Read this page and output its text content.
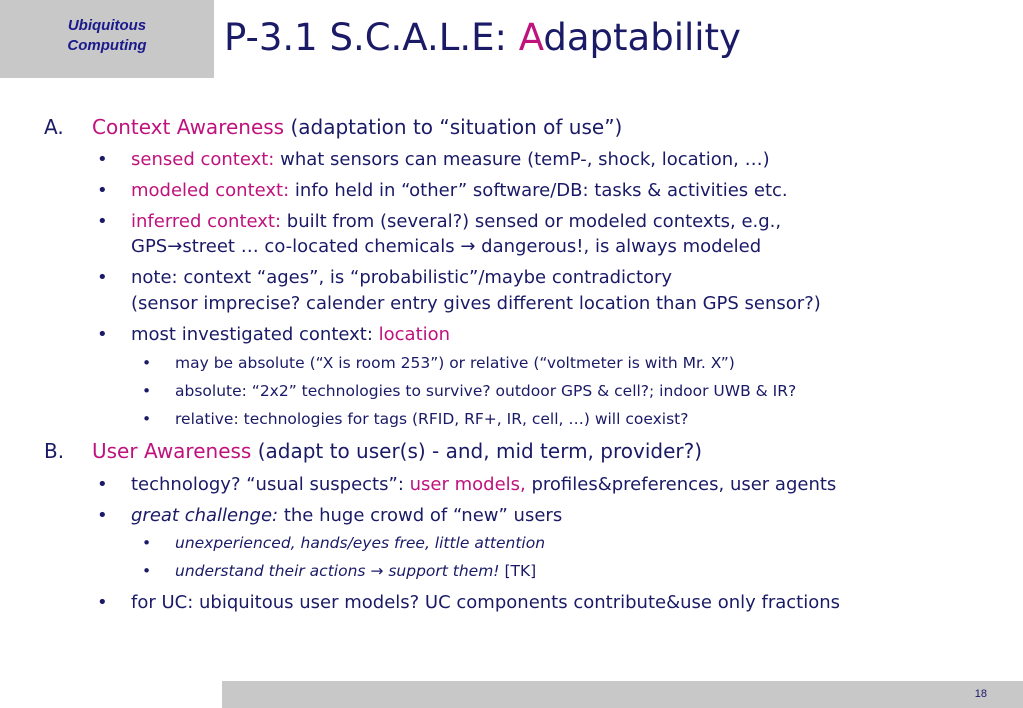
Ubiquitous
Computing P-3.1 S.C.A.L.E: Adaptability
A. Context Awareness (adaptation to “situation of use”)
• sensed context: what sensors can measure (temP-, shock, location, …)
• modeled context: info held in “other” software/DB: tasks & activities etc.
• inferred context: built from (several?) sensed or modeled contexts, e.g.,
GPS→street … co-located chemicals → dangerous!, is always modeled
• note: context “ages”, is “probabilistic”/maybe contradictory
(sensor imprecise? calender entry gives different location than GPS sensor?)
• most investigated context: location
• may be absolute (“X is room 253”) or relative (“voltmeter is with Mr. X”)
• absolute: “2x2” technologies to survive? outdoor GPS & cell?; indoor UWB & IR?
• relative: technologies for tags (RFID, RF+, IR, cell, …) will coexist?
B. User Awareness (adapt to user(s) - and, mid term, provider?)
• technology? “usual suspects”: user models, profiles&preferences, user agents
• great challenge: the huge crowd of “new” users
• unexperienced, hands/eyes free, little attention
• understand their actions → support them! [TK]
• for UC: ubiquitous user models? UC components contribute&use only fractions
18
